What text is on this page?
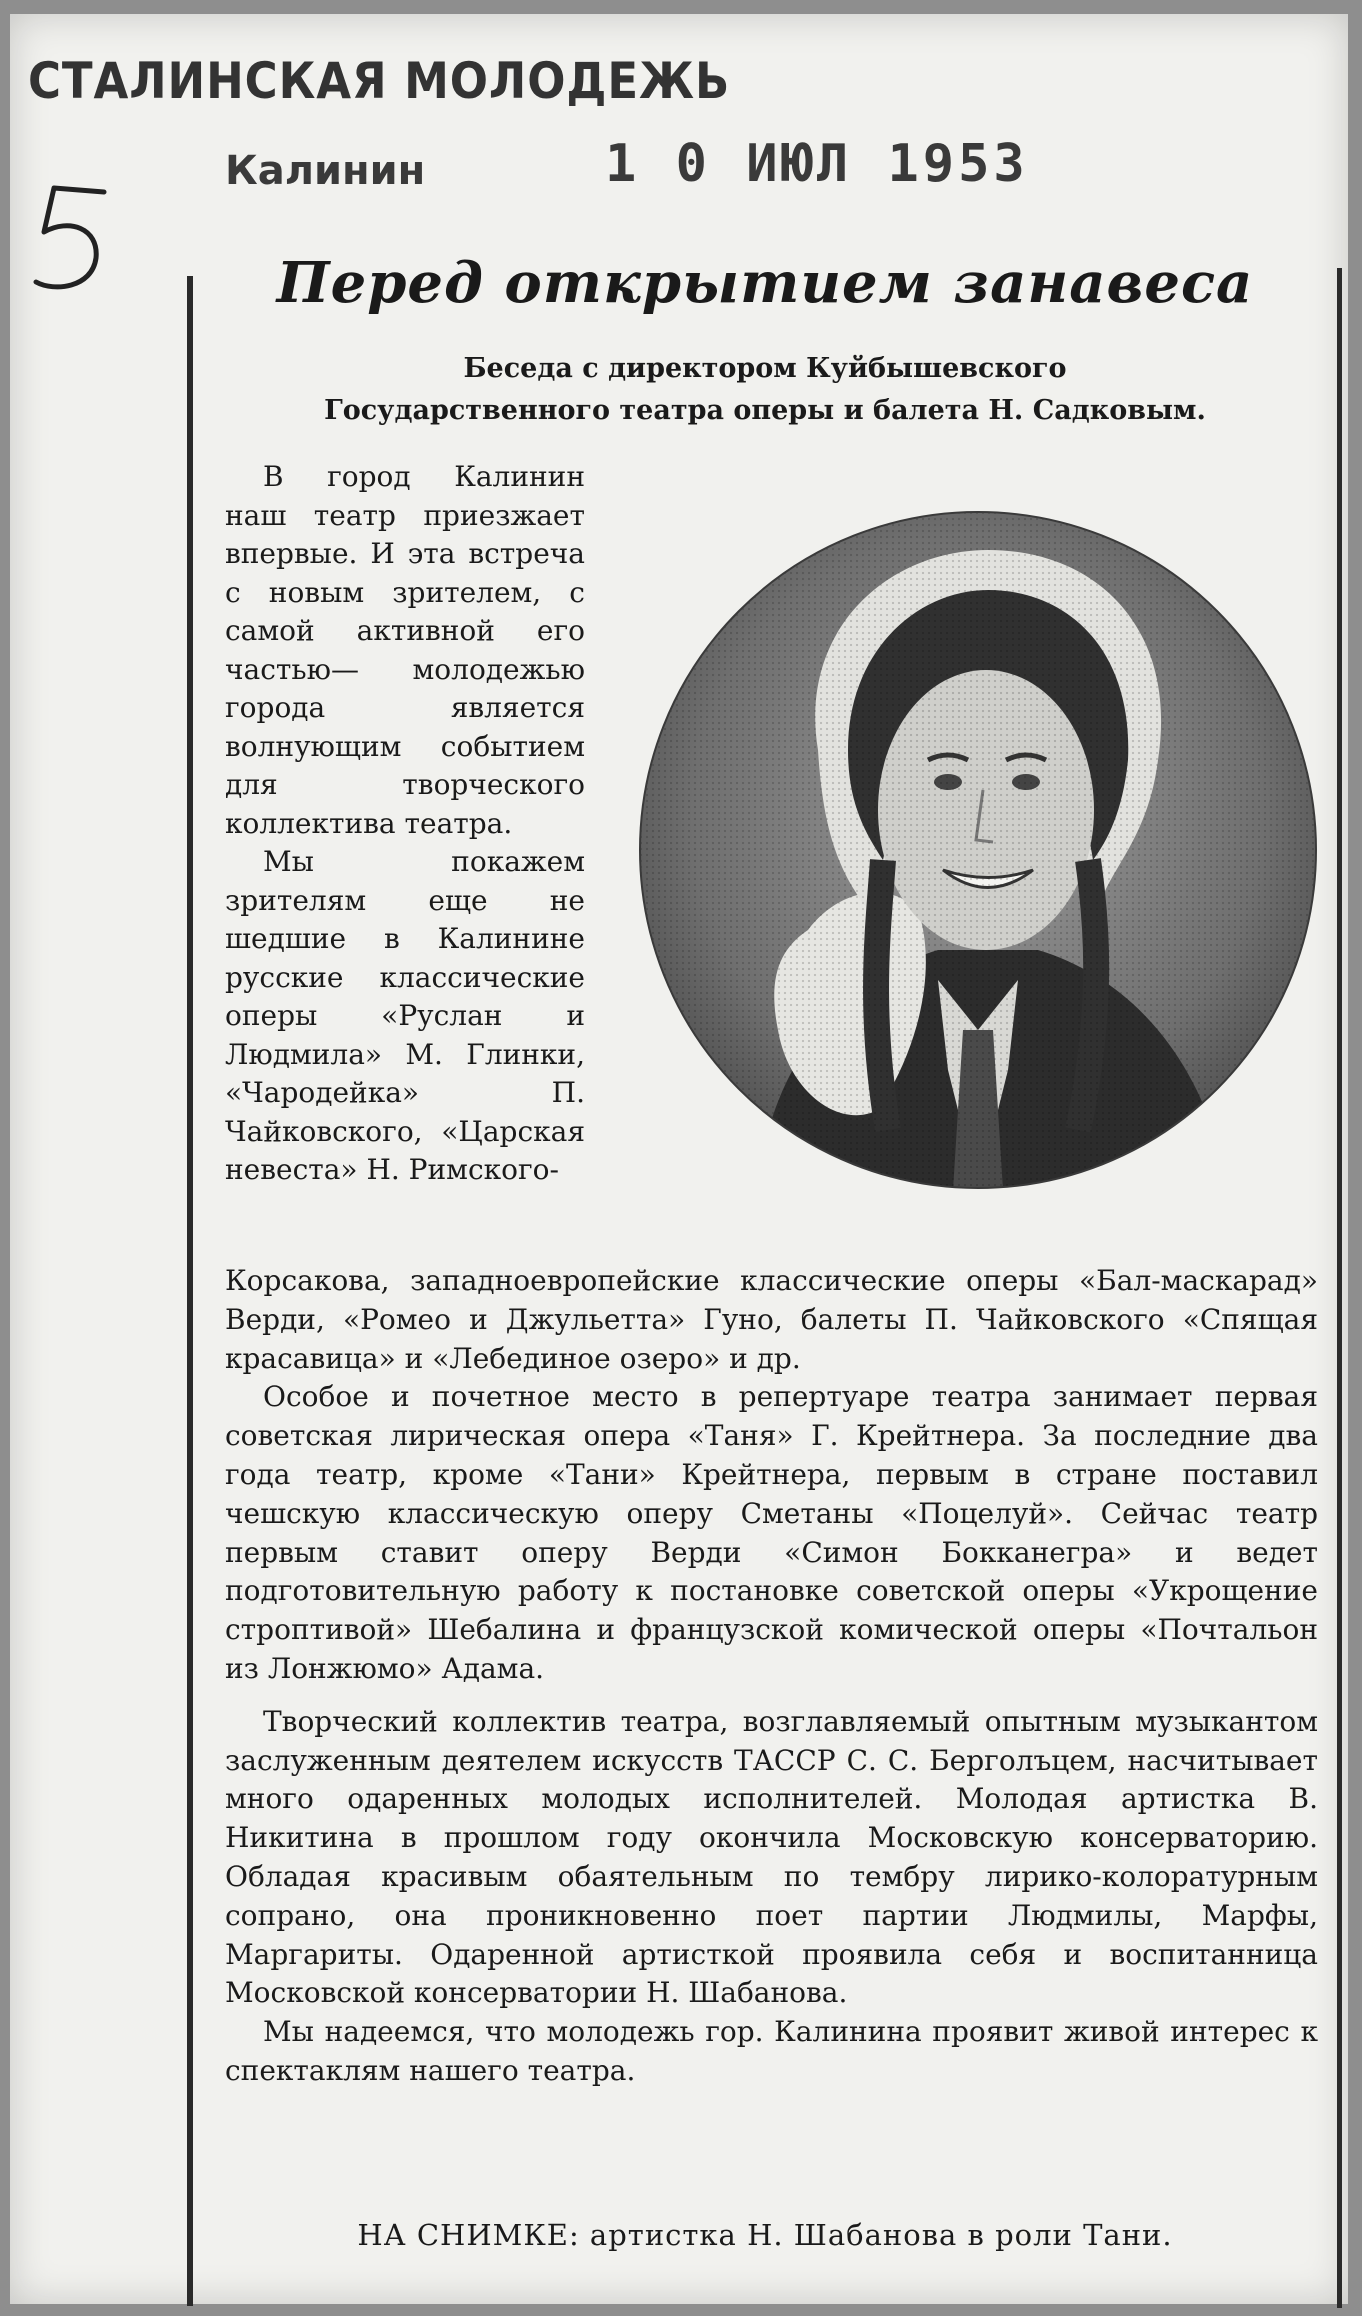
СТАЛИНСКАЯ МОЛОДЕЖЬ
Калинин	1 0 ИЮЛ 1953
Перед открытием занавеса
Беседа с директором Куйбышевского
Государственного театра оперы и балета Н. Садковым.

В город Калинин наш театр приезжает впервые. И эта встреча с новым зрителем, с самой активной его частью— молодежью города является волнующим событием для творческого коллектива театра.

Мы покажем зрителям еще не шедшие в Калинине русские классические оперы «Руслан и Людмила» М. Глинки, «Чародейка» П. Чайковского, «Царская невеста» Н. Римского-

Корсакова, западноевропейские классические оперы «Бал-маскарад» Верди, «Ромео и Джульетта» Гуно, балеты П. Чайковского «Спящая красавица» и «Лебединое озеро» и др.

Особое и почетное место в репертуаре театра занимает первая советская лирическая опера «Таня» Г. Крейтнера. За последние два года театр, кроме «Тани» Крейтнера, первым в стране поставил чешскую классическую оперу Сметаны «Поцелуй». Сейчас театр первым ставит оперу Верди «Симон Бокканегра» и ведет подготовительную работу к постановке советской оперы «Укрощение строптивой» Шебалина и французской комической оперы «Почтальон из Лонжюмо» Адама.

Творческий коллектив театра, возглавляемый опытным музыкантом заслуженным деятелем искусств ТАССР С. С. Берголъцем, насчитывает много одаренных молодых исполнителей. Молодая артистка В. Никитина в прошлом году окончила Московскую консерваторию. Обладая красивым обаятельным по тембру лирико-колоратурным сопрано, она проникновенно поет партии Людмилы, Марфы, Маргариты. Одаренной артисткой проявила себя и воспитанница Московской консерватории Н. Шабанова.

Мы надеемся, что молодежь гор. Калинина проявит живой интерес к спектаклям нашего театра.

НА СНИМКЕ: артистка Н. Шабанова в роли Тани.
